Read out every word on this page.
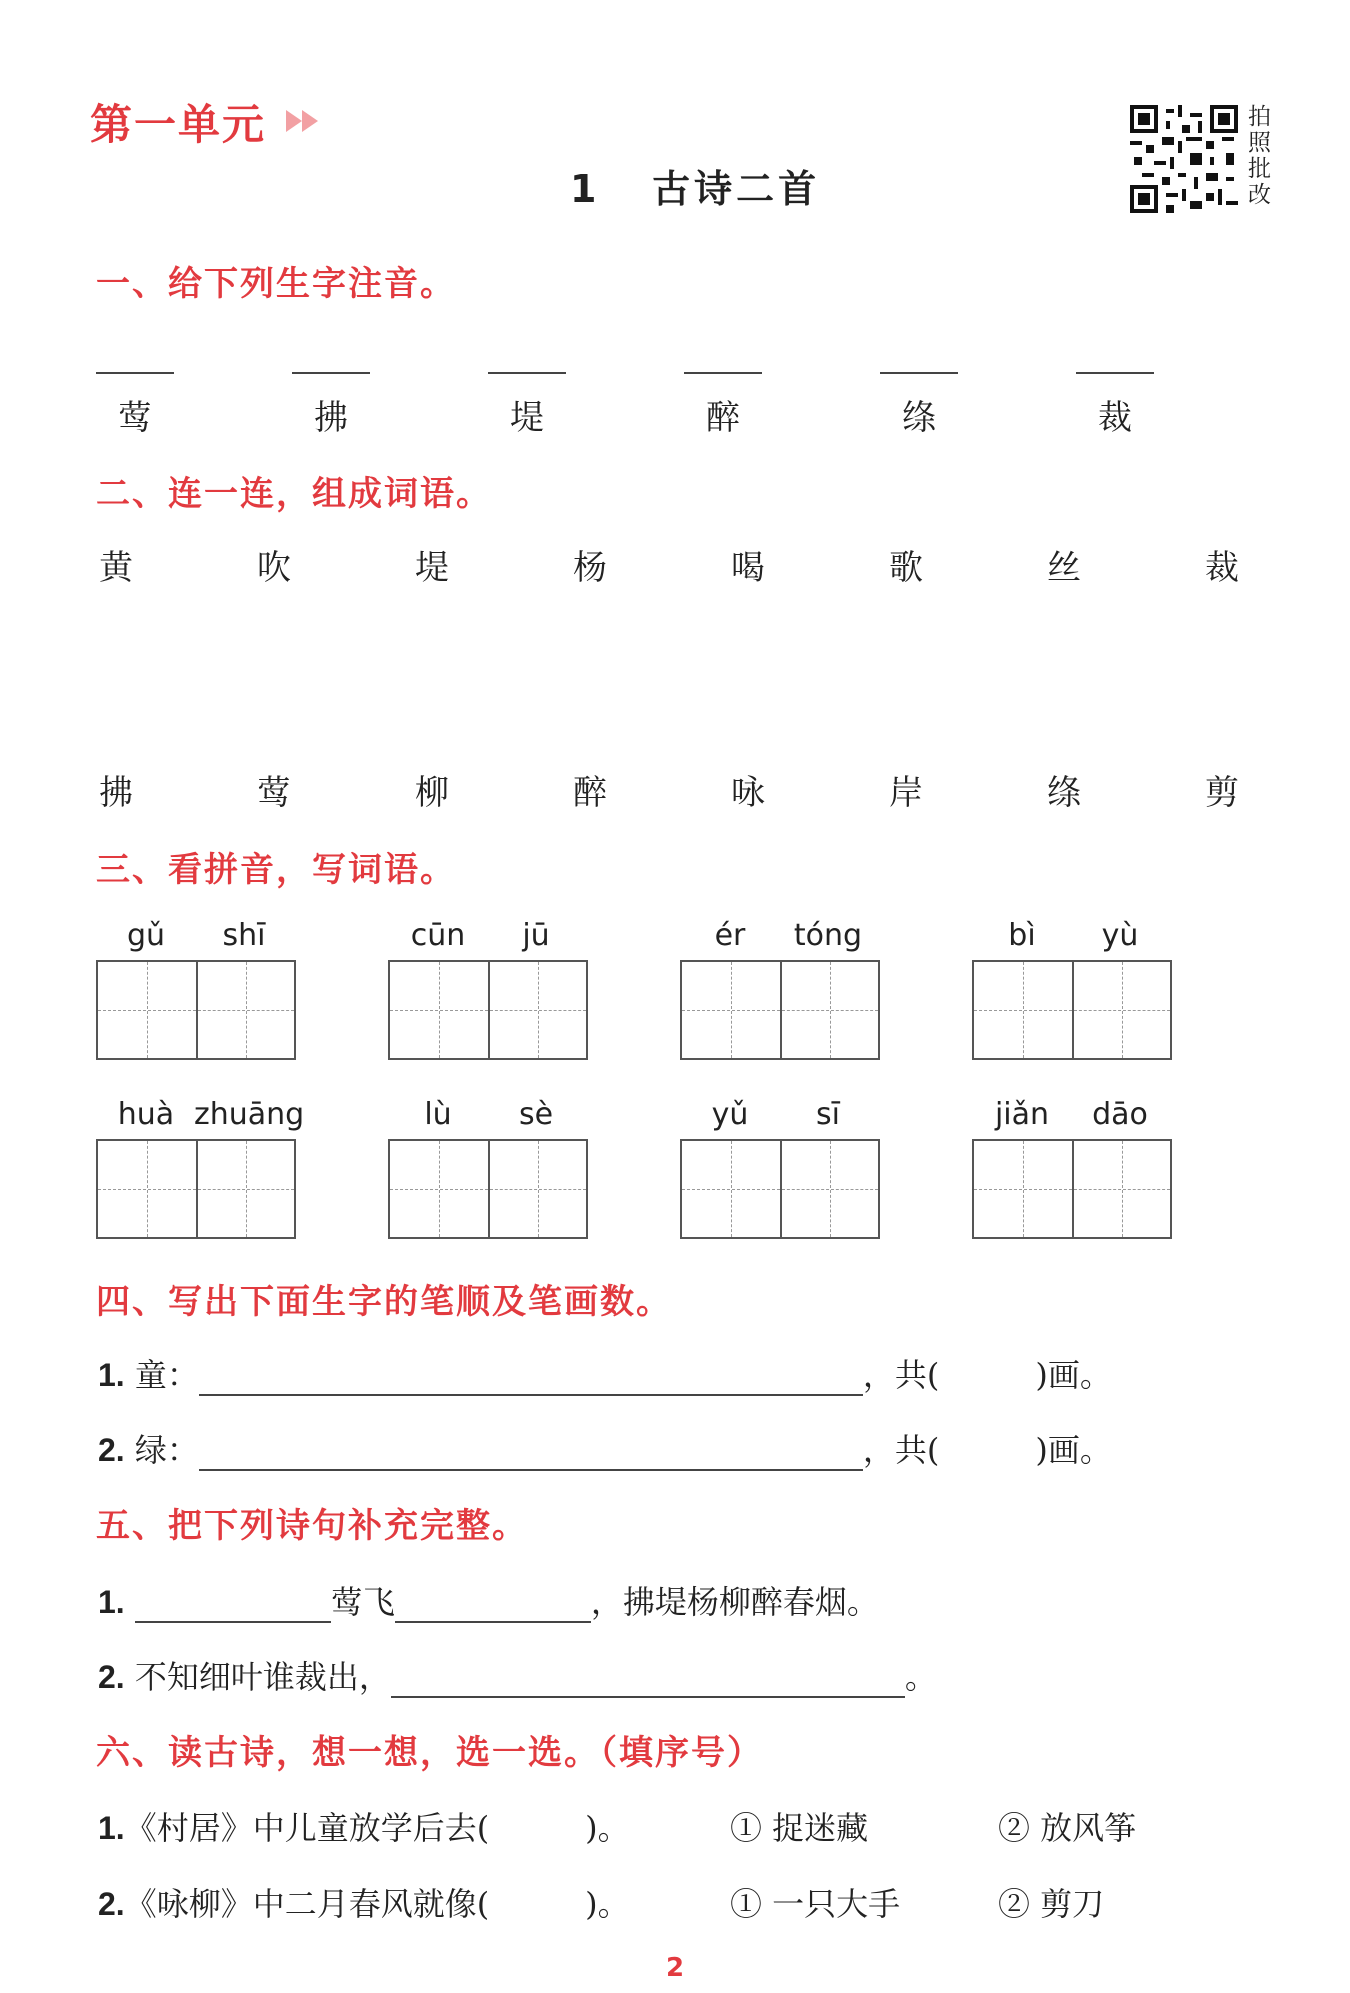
第一单元
1 古诗二首
拍
照
批
改
一、给下列生字注音。
莺	拂	堤	醉	绦	裁
二、连一连，组成词语。
黄	吹	堤	杨	喝	歌	丝	裁
拂	莺	柳	醉	咏	岸	绦	剪
三、看拼音，写词语。
gǔ	shī	cūn	jū	ér	tóng	bì	yù
huà zhuāng	lù	sè	yǔ	sī	jiǎn	dāo
四、写出下面生字的笔顺及笔画数。
1. 童：	，共(　　　)画。
2. 绿：	，共(　　　)画。
五、把下列诗句补充完整。
1.	莺飞	，拂堤杨柳醉春烟。
2. 不知细叶谁裁出，	。
六、读古诗，想一想，选一选。（填序号）
1.《村居》中儿童放学后去(　　　)。	① 捉迷藏	② 放风筝
2.《咏柳》中二月春风就像(　　　)。	① 一只大手	② 剪刀
2
